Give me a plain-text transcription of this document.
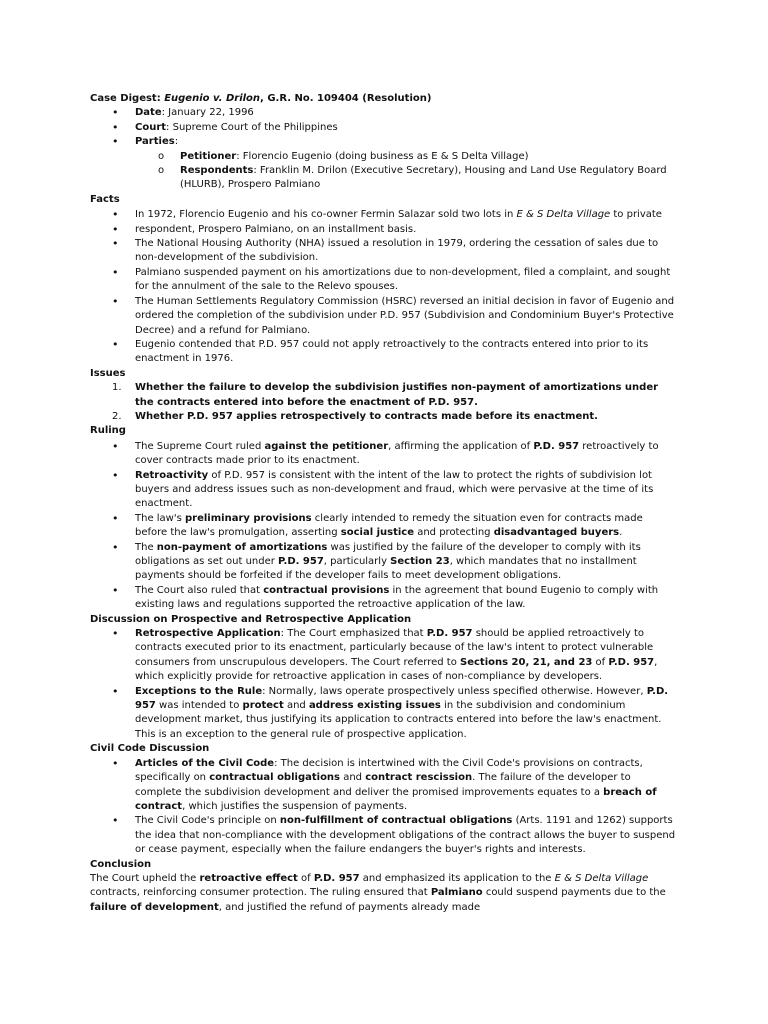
Case Digest: Eugenio v. Drilon, G.R. No. 109404 (Resolution)
• Date: January 22, 1996
• Court: Supreme Court of the Philippines
• Parties:
o Petitioner: Florencio Eugenio (doing business as E & S Delta Village)
o Respondents: Franklin M. Drilon (Executive Secretary), Housing and Land Use Regulatory Board
(HLURB), Prospero Palmiano
Facts
• In 1972, Florencio Eugenio and his co-owner Fermin Salazar sold two lots in E & S Delta Village to private
• respondent, Prospero Palmiano, on an installment basis.
• The National Housing Authority (NHA) issued a resolution in 1979, ordering the cessation of sales due to
non-development of the subdivision.
• Palmiano suspended payment on his amortizations due to non-development, filed a complaint, and sought
for the annulment of the sale to the Relevo spouses.
• The Human Settlements Regulatory Commission (HSRC) reversed an initial decision in favor of Eugenio and
ordered the completion of the subdivision under P.D. 957 (Subdivision and Condominium Buyer's Protective
Decree) and a refund for Palmiano.
• Eugenio contended that P.D. 957 could not apply retroactively to the contracts entered into prior to its
enactment in 1976.
Issues
1. Whether the failure to develop the subdivision justifies non-payment of amortizations under
the contracts entered into before the enactment of P.D. 957.
2. Whether P.D. 957 applies retrospectively to contracts made before its enactment.
Ruling
• The Supreme Court ruled against the petitioner, affirming the application of P.D. 957 retroactively to
cover contracts made prior to its enactment.
• Retroactivity of P.D. 957 is consistent with the intent of the law to protect the rights of subdivision lot
buyers and address issues such as non-development and fraud, which were pervasive at the time of its
enactment.
• The law's preliminary provisions clearly intended to remedy the situation even for contracts made
before the law's promulgation, asserting social justice and protecting disadvantaged buyers.
• The non-payment of amortizations was justified by the failure of the developer to comply with its
obligations as set out under P.D. 957, particularly Section 23, which mandates that no installment
payments should be forfeited if the developer fails to meet development obligations.
• The Court also ruled that contractual provisions in the agreement that bound Eugenio to comply with
existing laws and regulations supported the retroactive application of the law.
Discussion on Prospective and Retrospective Application
• Retrospective Application: The Court emphasized that P.D. 957 should be applied retroactively to
contracts executed prior to its enactment, particularly because of the law's intent to protect vulnerable
consumers from unscrupulous developers. The Court referred to Sections 20, 21, and 23 of P.D. 957,
which explicitly provide for retroactive application in cases of non-compliance by developers.
• Exceptions to the Rule: Normally, laws operate prospectively unless specified otherwise. However, P.D.
957 was intended to protect and address existing issues in the subdivision and condominium
development market, thus justifying its application to contracts entered into before the law's enactment.
This is an exception to the general rule of prospective application.
Civil Code Discussion
• Articles of the Civil Code: The decision is intertwined with the Civil Code's provisions on contracts,
specifically on contractual obligations and contract rescission. The failure of the developer to
complete the subdivision development and deliver the promised improvements equates to a breach of
contract, which justifies the suspension of payments.
• The Civil Code's principle on non-fulfillment of contractual obligations (Arts. 1191 and 1262) supports
the idea that non-compliance with the development obligations of the contract allows the buyer to suspend
or cease payment, especially when the failure endangers the buyer's rights and interests.
Conclusion
The Court upheld the retroactive effect of P.D. 957 and emphasized its application to the E & S Delta Village
contracts, reinforcing consumer protection. The ruling ensured that Palmiano could suspend payments due to the
failure of development, and justified the refund of payments already made
